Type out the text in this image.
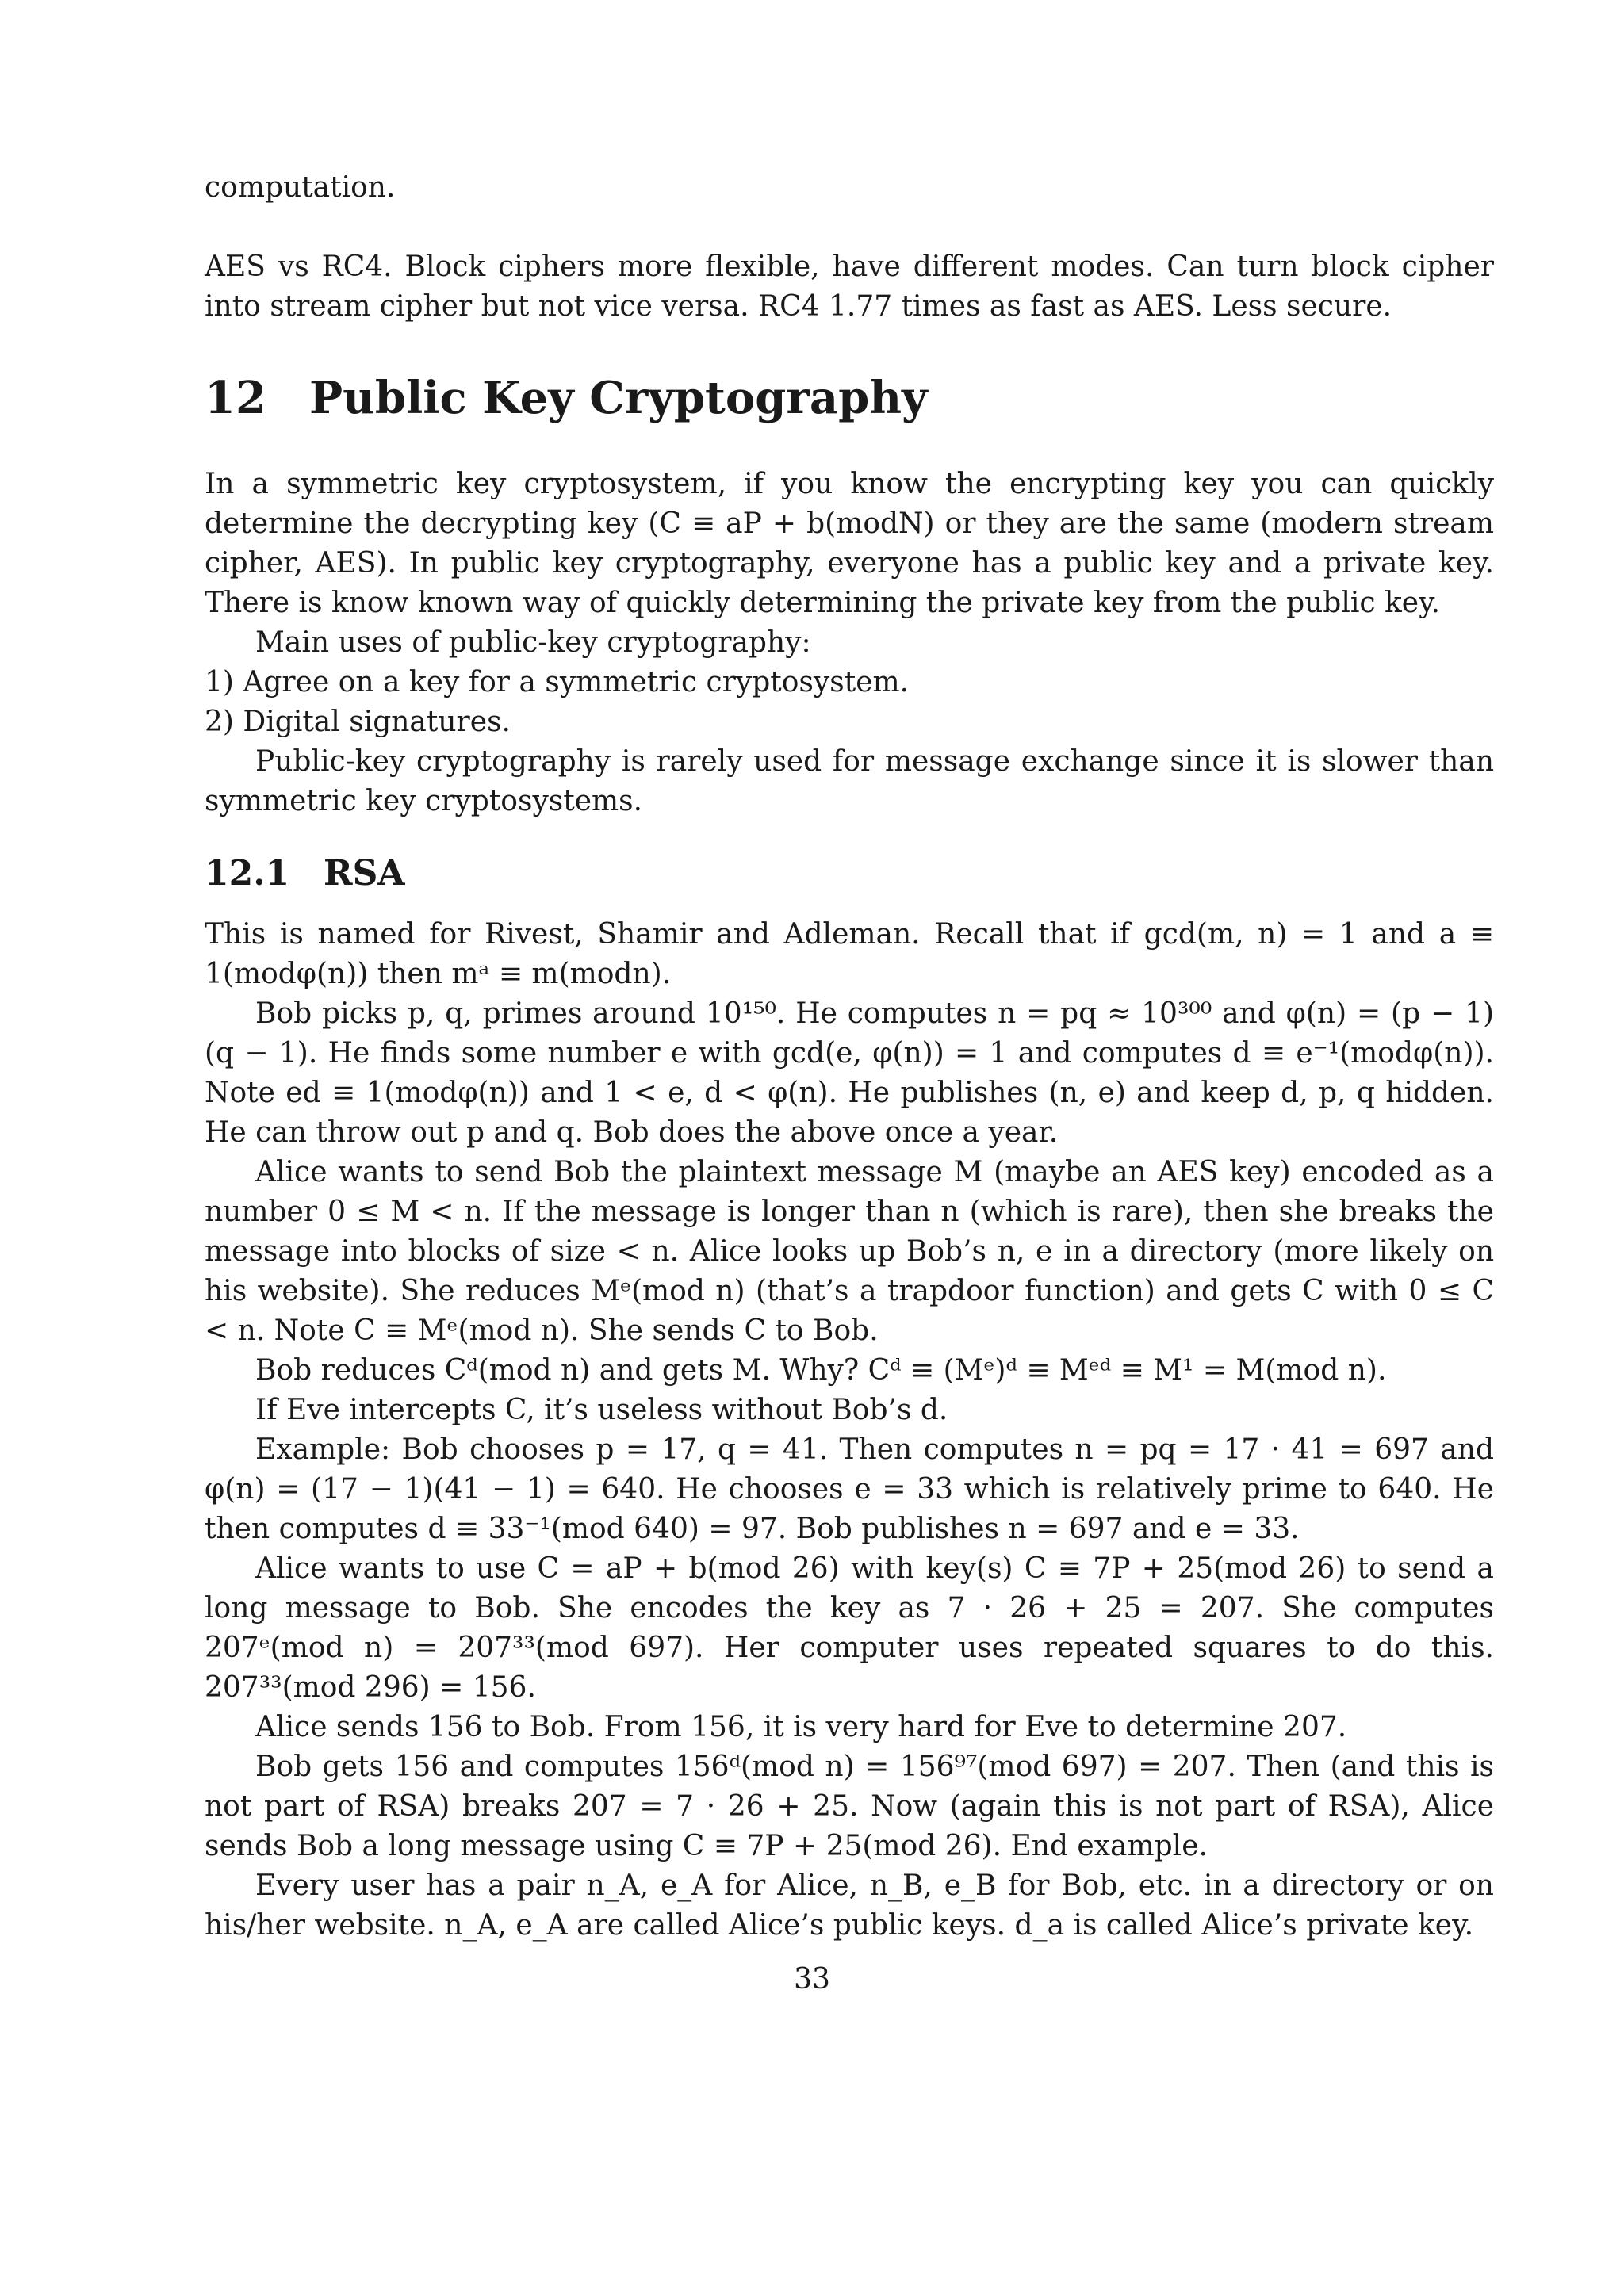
computation.

AES vs RC4. Block ciphers more flexible, have different modes. Can turn block cipher into stream cipher but not vice versa. RC4 1.77 times as fast as AES. Less secure.

12 Public Key Cryptography

In a symmetric key cryptosystem, if you know the encrypting key you can quickly determine the decrypting key (C ≡ aP + b(modN) or they are the same (modern stream cipher, AES). In public key cryptography, everyone has a public key and a private key. There is know known way of quickly determining the private key from the public key.

Main uses of public-key cryptography:

1) Agree on a key for a symmetric cryptosystem.

2) Digital signatures.

Public-key cryptography is rarely used for message exchange since it is slower than symmetric key cryptosystems.

12.1 RSA

This is named for Rivest, Shamir and Adleman. Recall that if gcd(m, n) = 1 and a ≡ 1(modφ(n)) then mᵃ ≡ m(modn).

Bob picks p, q, primes around 10¹⁵⁰. He computes n = pq ≈ 10³⁰⁰ and φ(n) = (p − 1)(q − 1). He finds some number e with gcd(e, φ(n)) = 1 and computes d ≡ e⁻¹(modφ(n)). Note ed ≡ 1(modφ(n)) and 1 < e, d < φ(n). He publishes (n, e) and keep d, p, q hidden. He can throw out p and q. Bob does the above once a year.

Alice wants to send Bob the plaintext message M (maybe an AES key) encoded as a number 0 ≤ M < n. If the message is longer than n (which is rare), then she breaks the message into blocks of size < n. Alice looks up Bob’s n, e in a directory (more likely on his website). She reduces Mᵉ(mod n) (that’s a trapdoor function) and gets C with 0 ≤ C < n. Note C ≡ Mᵉ(mod n). She sends C to Bob.

Bob reduces Cᵈ(mod n) and gets M. Why? Cᵈ ≡ (Mᵉ)ᵈ ≡ Mᵉᵈ ≡ M¹ = M(mod n).

If Eve intercepts C, it’s useless without Bob’s d.

Example: Bob chooses p = 17, q = 41. Then computes n = pq = 17 · 41 = 697 and φ(n) = (17 − 1)(41 − 1) = 640. He chooses e = 33 which is relatively prime to 640. He then computes d ≡ 33⁻¹(mod 640) = 97. Bob publishes n = 697 and e = 33.

Alice wants to use C = aP + b(mod 26) with key(s) C ≡ 7P + 25(mod 26) to send a long message to Bob. She encodes the key as 7 · 26 + 25 = 207. She computes 207ᵉ(mod n) = 207³³(mod 697). Her computer uses repeated squares to do this. 207³³(mod 296) = 156.

Alice sends 156 to Bob. From 156, it is very hard for Eve to determine 207.

Bob gets 156 and computes 156ᵈ(mod n) = 156⁹⁷(mod 697) = 207. Then (and this is not part of RSA) breaks 207 = 7 · 26 + 25. Now (again this is not part of RSA), Alice sends Bob a long message using C ≡ 7P + 25(mod 26). End example.

Every user has a pair n_A, e_A for Alice, n_B, e_B for Bob, etc. in a directory or on his/her website. n_A, e_A are called Alice’s public keys. d_a is called Alice’s private key.

33
